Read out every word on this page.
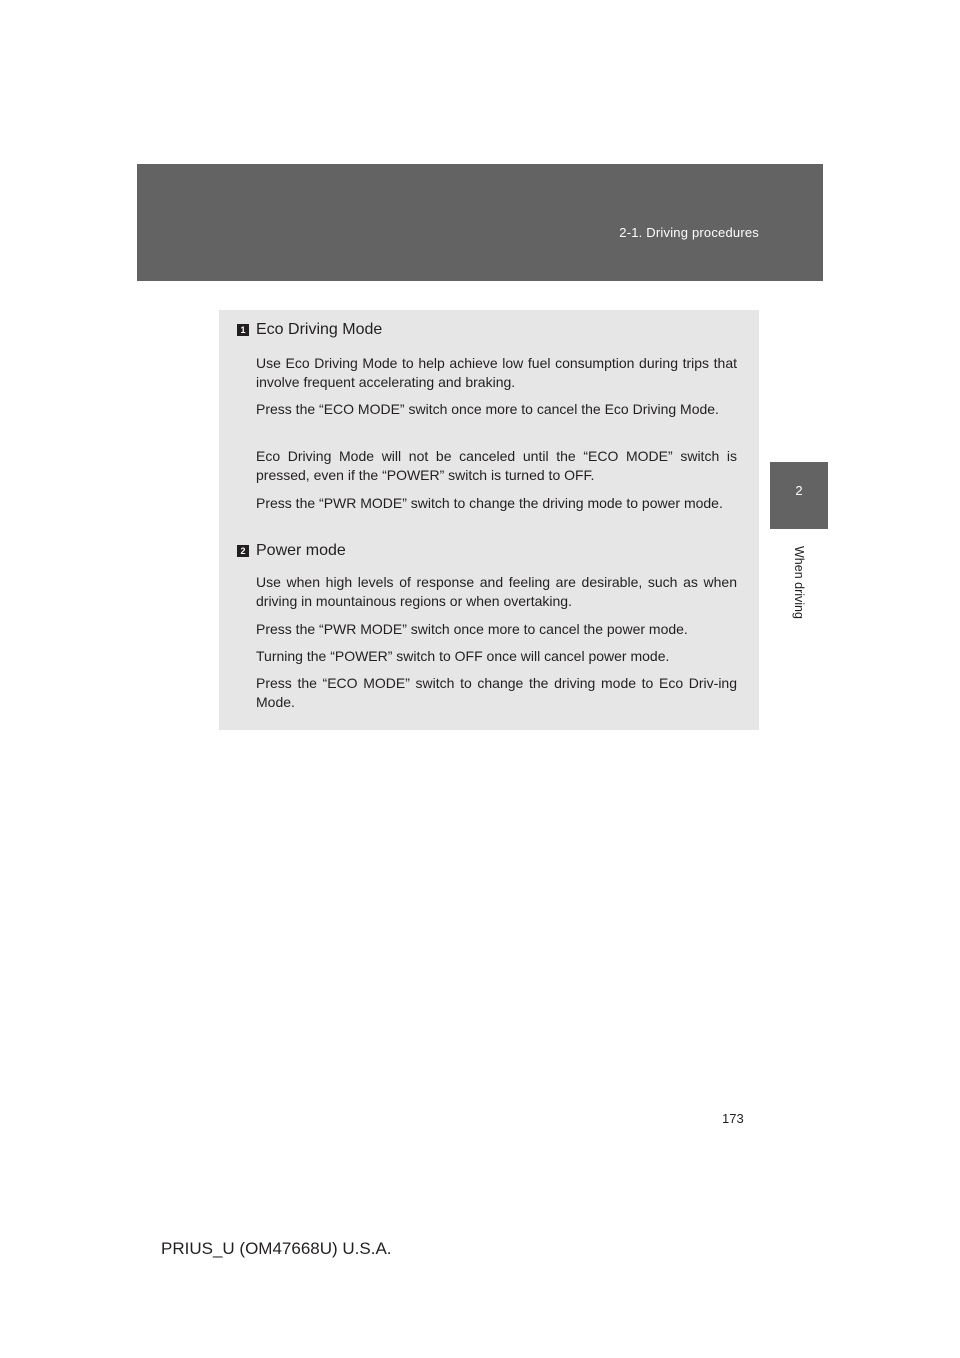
2-1. Driving procedures
2
When driving
1 Eco Driving Mode
Use Eco Driving Mode to help achieve low fuel consumption during trips that involve frequent accelerating and braking.
Press the “ECO MODE” switch once more to cancel the Eco Driving Mode.
Eco Driving Mode will not be canceled until the “ECO MODE” switch is pressed, even if the “POWER” switch is turned to OFF.
Press the “PWR MODE” switch to change the driving mode to power mode.
2 Power mode
Use when high levels of response and feeling are desirable, such as when driving in mountainous regions or when overtaking.
Press the “PWR MODE” switch once more to cancel the power mode.
Turning the “POWER” switch to OFF once will cancel power mode.
Press the “ECO MODE” switch to change the driving mode to Eco Driv-ing Mode.
173
PRIUS_U (OM47668U) U.S.A.
